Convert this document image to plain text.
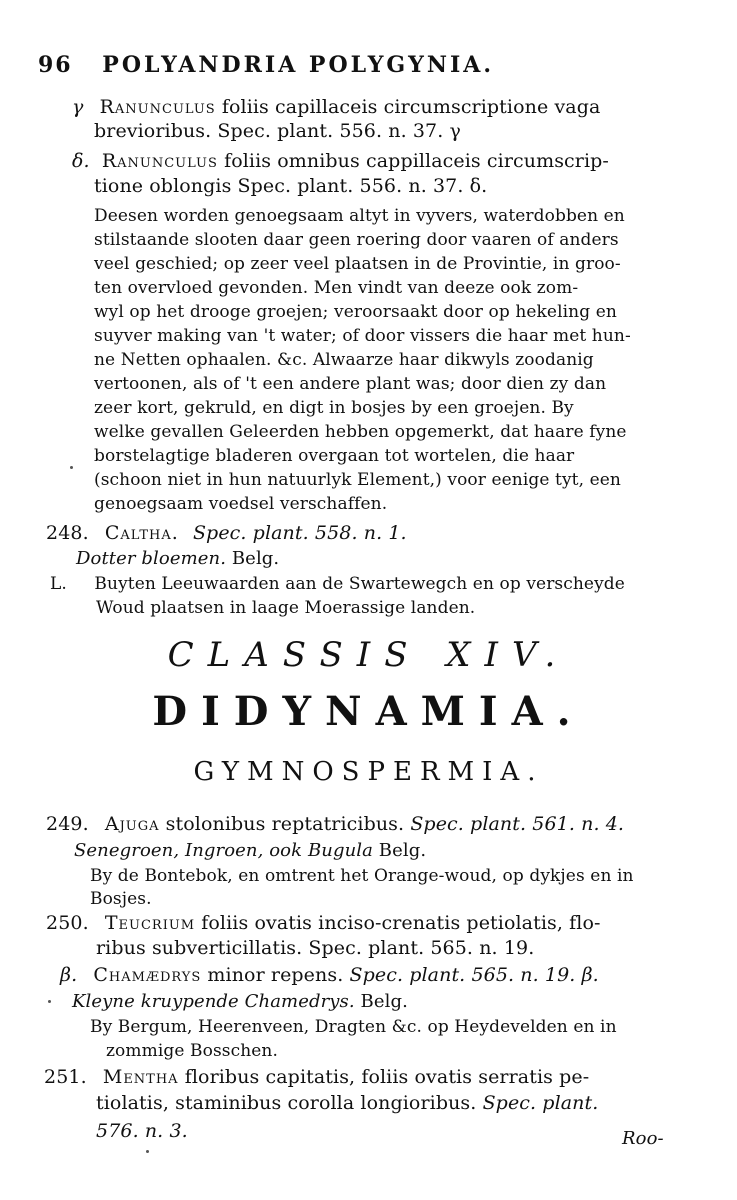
96 POLYANDRIA POLYGYNIA.
γ Ranunculus foliis capillaceis circumscriptione vaga
brevioribus. Spec. plant. 556. n. 37. γ
δ. Ranunculus foliis omnibus cappillaceis circumscrip-
tione oblongis Spec. plant. 556. n. 37. δ.
Deesen worden genoegsaam altyt in vyvers, waterdobben en
stilstaande slooten daar geen roering door vaaren of anders
veel geschied; op zeer veel plaatsen in de Provintie, in groo-
ten overvloed gevonden. Men vindt van deeze ook zom-
wyl op het drooge groejen; veroorsaakt door op hekeling en
suyver making van 't water; of door vissers die haar met hun-
ne Netten ophaalen. &c. Alwaarze haar dikwyls zoodanig
vertoonen, als of 't een andere plant was; door dien zy dan
zeer kort, gekruld, en digt in bosjes by een groejen. By
welke gevallen Geleerden hebben opgemerkt, dat haare fyne
borstelagtige bladeren overgaan tot wortelen, die haar
(schoon niet in hun natuurlyk Element,) voor eenige tyt, een
genoegsaam voedsel verschaffen.
248. Caltha. Spec. plant. 558. n. 1.
Dotter bloemen. Belg.
L. Buyten Leeuwaarden aan de Swartewegch en op verscheyde
Woud plaatsen in laage Moerassige landen.
CLASSIS XIV.
DIDYNAMIA.
GYMNOSPERMIA.
249. Ajuga stolonibus reptatricibus. Spec. plant. 561. n. 4.
Senegroen, Ingroen, ook Bugula Belg.
By de Bontebok, en omtrent het Orange-woud, op dykjes en in
Bosjes.
250. Teucrium foliis ovatis inciso-crenatis petiolatis, flo-
ribus subverticillatis. Spec. plant. 565. n. 19.
β. Chamædrys minor repens. Spec. plant. 565. n. 19. β.
Kleyne kruypende Chamedrys. Belg.
By Bergum, Heerenveen, Dragten &c. op Heydevelden en in
zommige Bosschen.
251. Mentha floribus capitatis, foliis ovatis serratis pe-
tiolatis, staminibus corolla longioribus. Spec. plant.
576. n. 3.	Roo-
